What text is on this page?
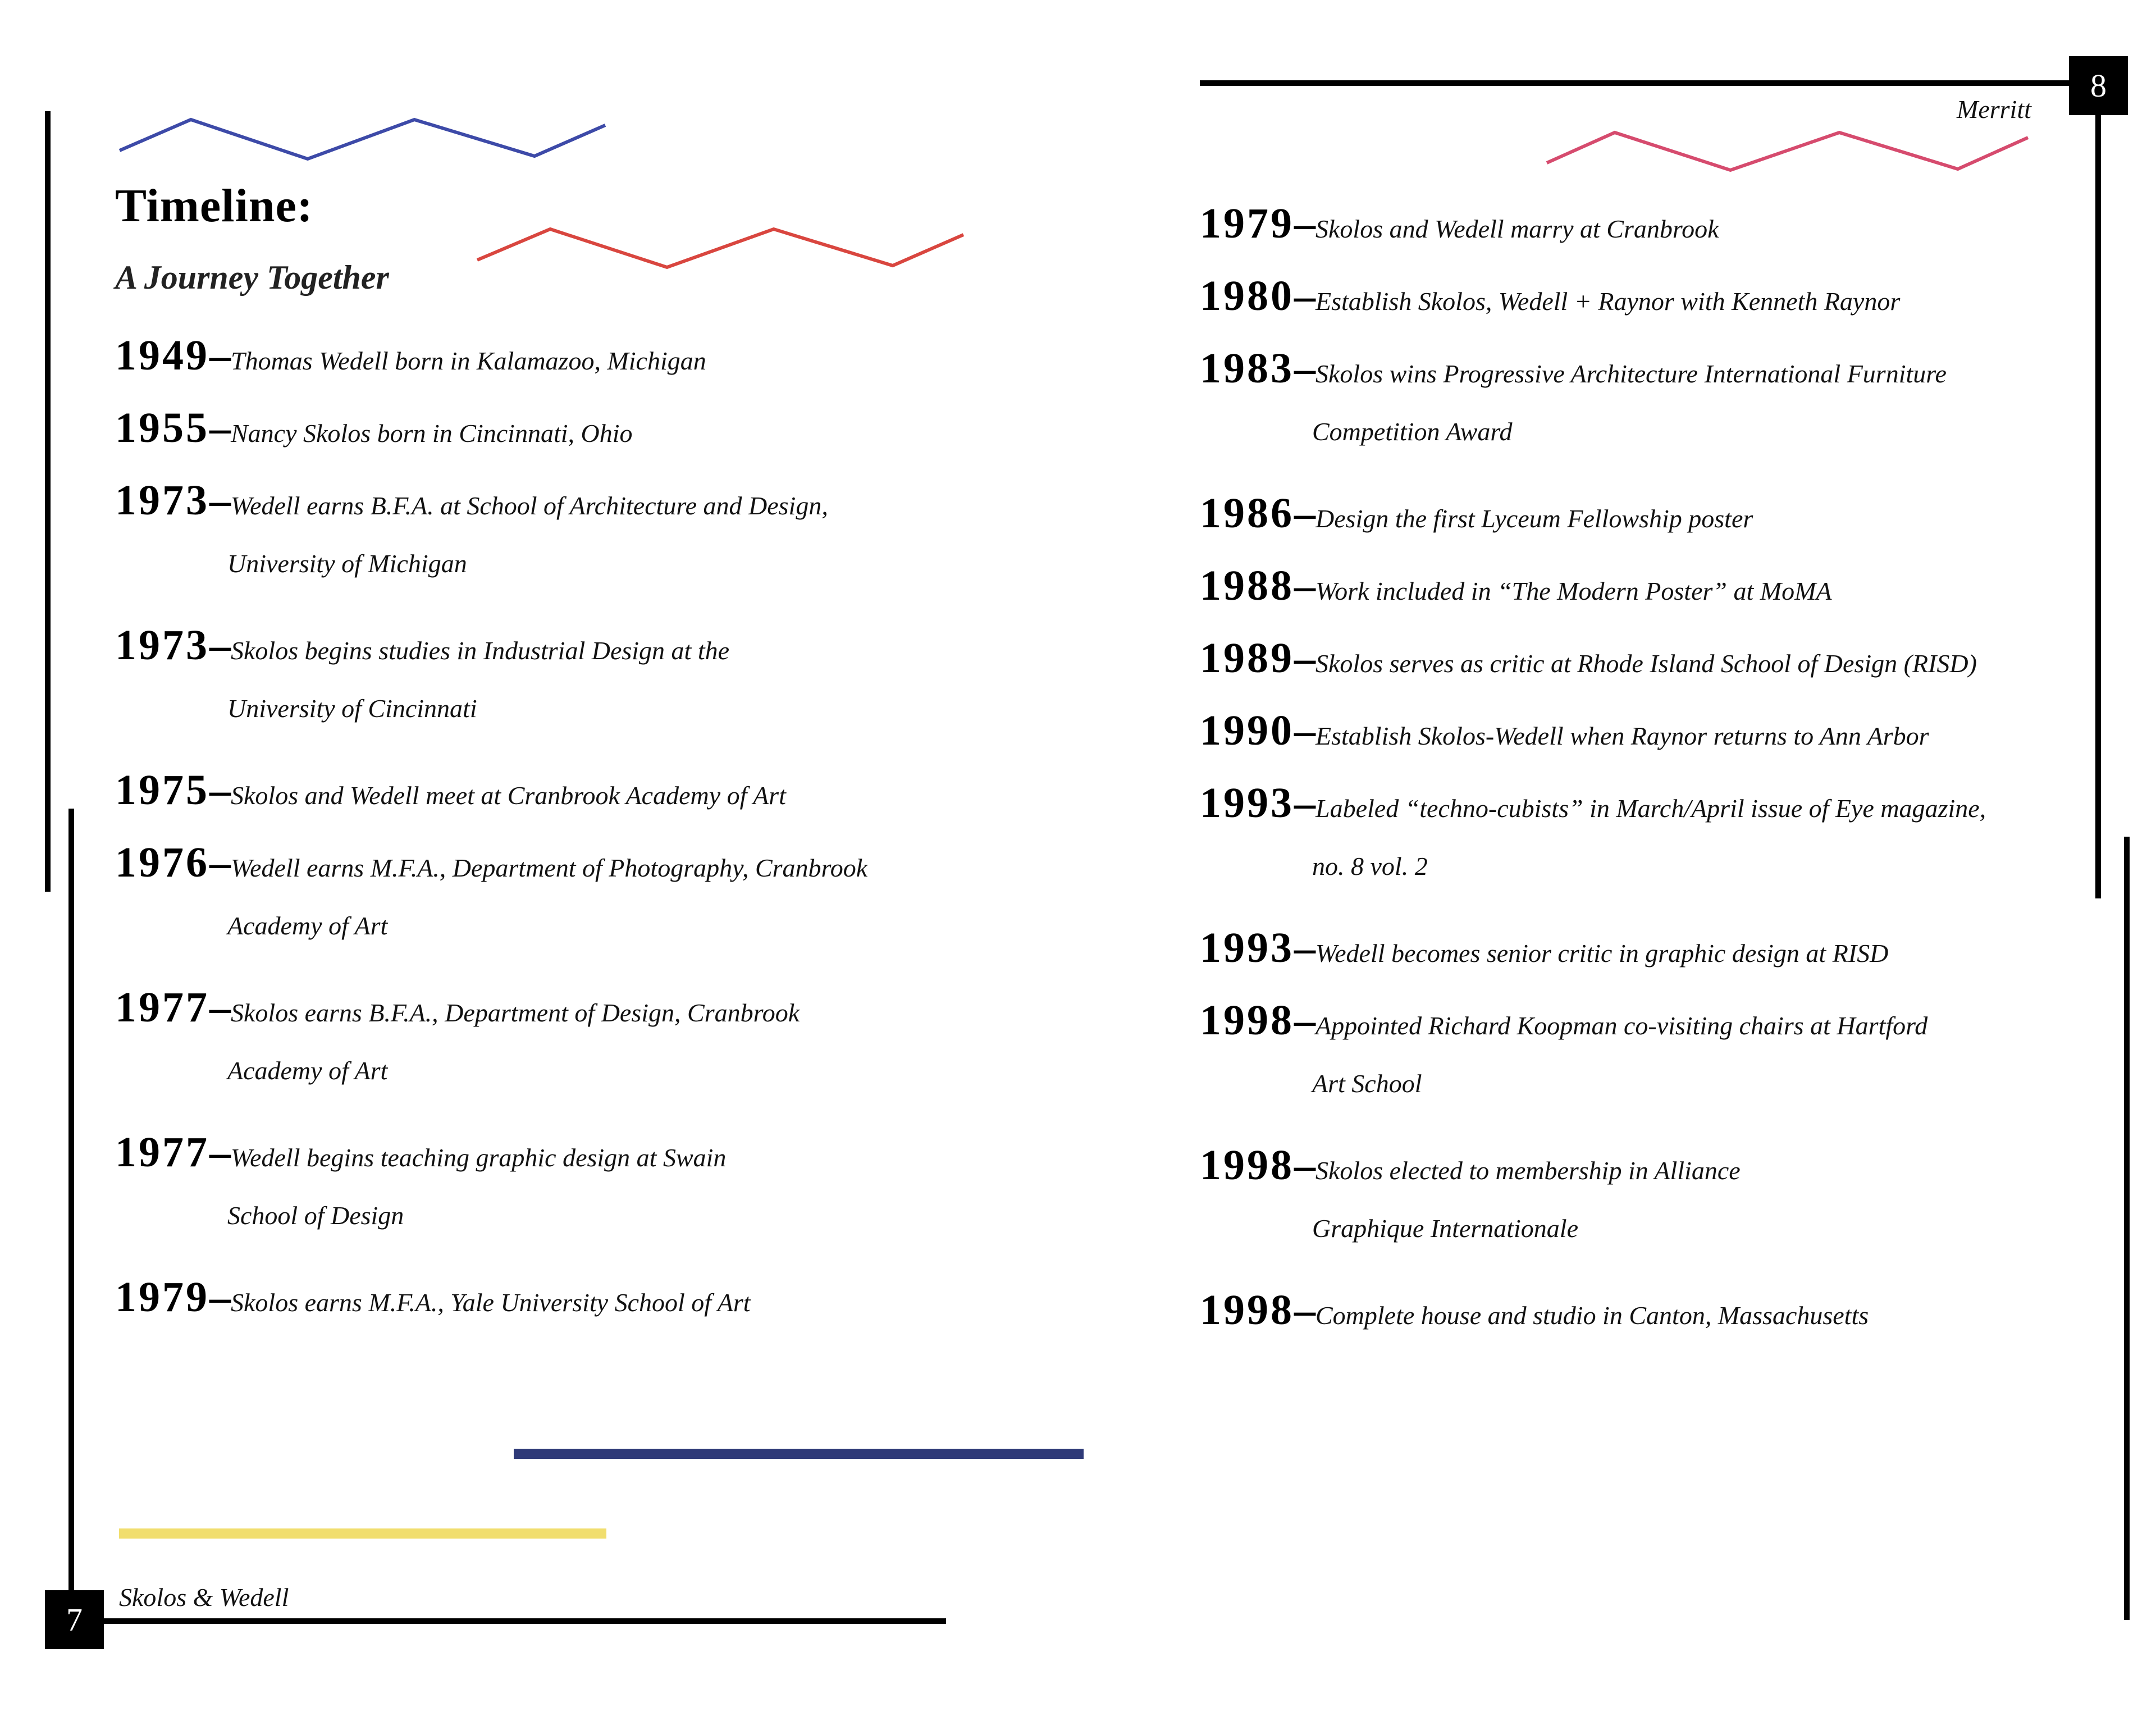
7
Skolos & Wedell
Timeline:
A Journey Together
1949–Thomas Wedell born in Kalamazoo, Michigan
1955–Nancy Skolos born in Cincinnati, Ohio
1973–Wedell earns B.F.A. at School of Architecture and Design,
University of Michigan
1973–Skolos begins studies in Industrial Design at the
University of Cincinnati
1975–Skolos and Wedell meet at Cranbrook Academy of Art
1976–Wedell earns M.F.A., Department of Photography, Cranbrook
Academy of Art
1977–Skolos earns B.F.A., Department of Design, Cranbrook
Academy of Art
1977–Wedell begins teaching graphic design at Swain
School of Design
1979–Skolos earns M.F.A., Yale University School of Art
8
Merritt
1979–Skolos and Wedell marry at Cranbrook
1980–Establish Skolos, Wedell + Raynor with Kenneth Raynor
1983–Skolos wins Progressive Architecture International Furniture
Competition Award
1986–Design the first Lyceum Fellowship poster
1988–Work included in “The Modern Poster” at MoMA
1989–Skolos serves as critic at Rhode Island School of Design (RISD)
1990–Establish Skolos-Wedell when Raynor returns to Ann Arbor
1993–Labeled “techno-cubists” in March/April issue of Eye magazine,
no. 8 vol. 2
1993–Wedell becomes senior critic in graphic design at RISD
1998–Appointed Richard Koopman co-visiting chairs at Hartford
Art School
1998–Skolos elected to membership in Alliance
Graphique Internationale
1998–Complete house and studio in Canton, Massachusetts
